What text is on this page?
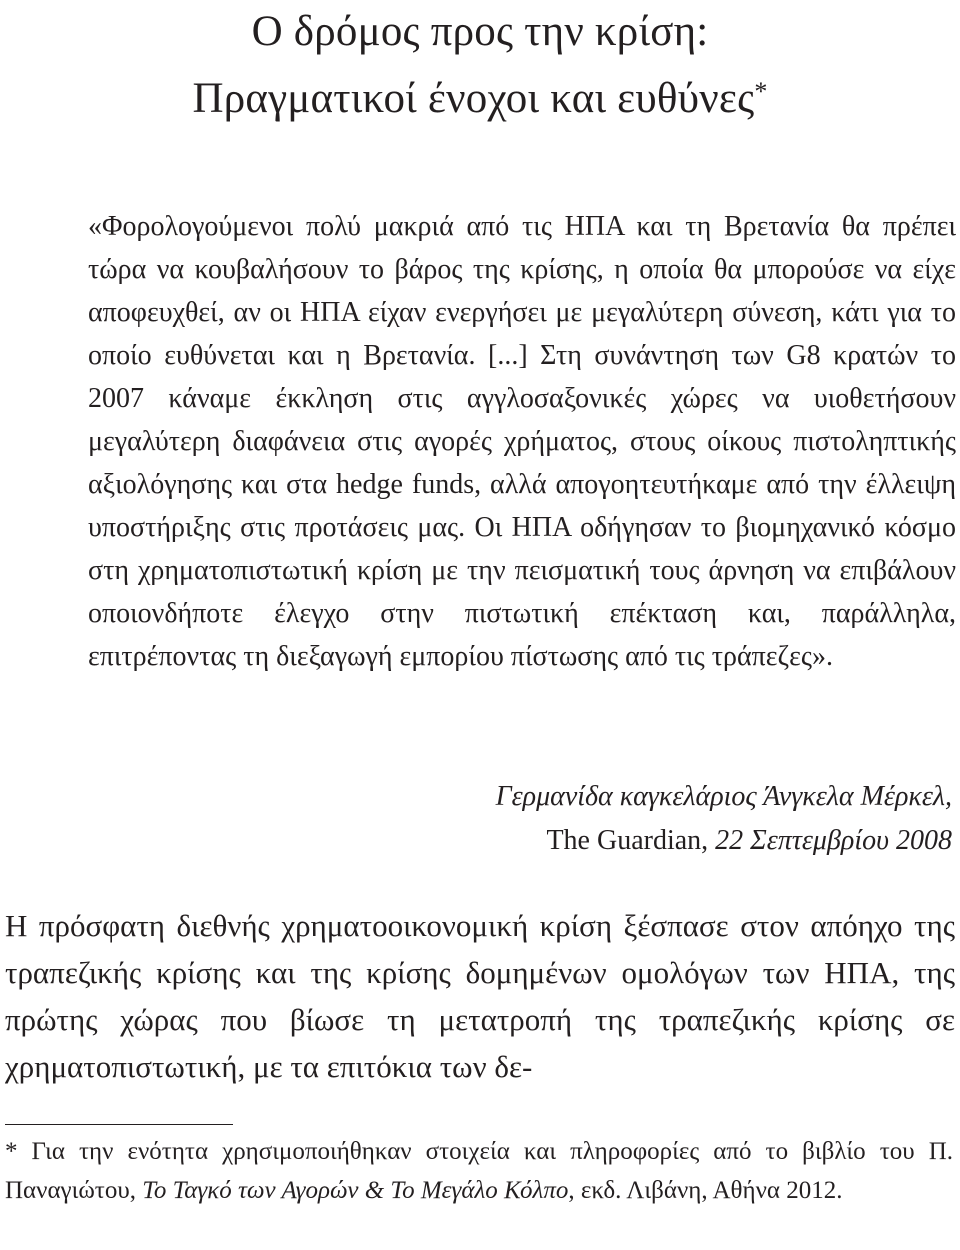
Ο δρόμος προς την κρίση:
Πραγματικοί ένοχοι και ευθύνες*

«Φορολογούμενοι πολύ μακριά από τις ΗΠΑ και τη Βρετανία θα πρέπει τώρα να κουβαλήσουν το βάρος της κρίσης, η οποία θα μπορούσε να είχε αποφευχθεί, αν οι ΗΠΑ είχαν ενεργήσει με μεγαλύτερη σύνεση, κάτι για το οποίο ευθύνεται και η Βρετανία. [...] Στη συνάντηση των G8 κρατών το 2007 κάναμε έκκληση στις αγγλοσαξονικές χώρες να υιοθετήσουν μεγαλύτερη διαφάνεια στις αγορές χρήματος, στους οίκους πιστοληπτικής αξιολόγησης και στα hedge funds, αλλά απογοητευτήκαμε από την έλλειψη υποστήριξης στις προτάσεις μας. Οι ΗΠΑ οδήγησαν το βιομηχανικό κόσμο στη χρηματοπιστωτική κρίση με την πεισματική τους άρνηση να επιβάλουν οποιονδήποτε έλεγχο στην πιστωτική επέκταση και, παράλληλα, επιτρέποντας τη διεξαγωγή εμπορίου πίστωσης από τις τράπεζες».

Γερμανίδα καγκελάριος Άνγκελα Μέρκελ,
The Guardian, 22 Σεπτεμβρίου 2008

Η πρόσφατη διεθνής χρηματοοικονομική κρίση ξέσπασε στον απόηχο της τραπεζικής κρίσης και της κρίσης δομημένων ομολόγων των ΗΠΑ, της πρώτης χώρας που βίωσε τη μετατροπή της τραπεζικής κρίσης σε χρηματοπιστωτική, με τα επιτόκια των δε-

* Για την ενότητα χρησιμοποιήθηκαν στοιχεία και πληροφορίες από το βιβλίο του Π. Παναγιώτου, Το Ταγκό των Αγορών & Το Μεγάλο Κόλπο, εκδ. Λιβάνη, Αθήνα 2012.
